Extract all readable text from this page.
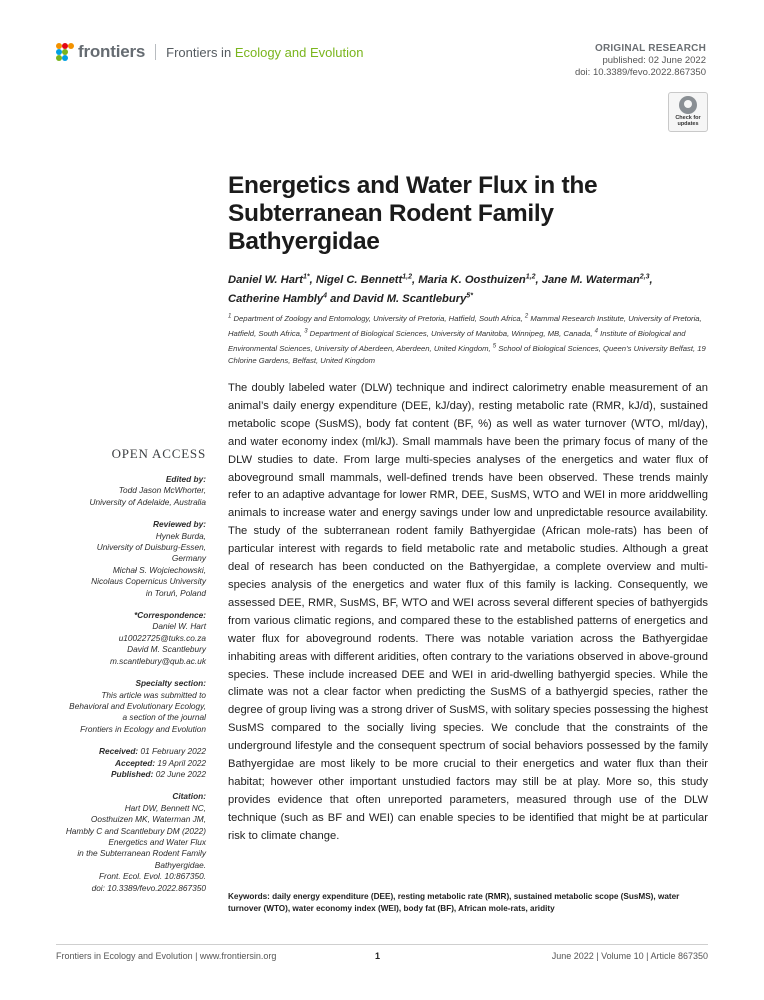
frontiers Frontiers in Ecology and Evolution	ORIGINAL RESEARCH
published: 02 June 2022
doi: 10.3389/fevo.2022.867350
Check for updates
Energetics and Water Flux in the Subterranean Rodent Family Bathyergidae

Daniel W. Hart$^{1*}$, Nigel C. Bennett$^{1,2}$, Maria K. Oosthuizen$^{1,2}$, Jane M. Waterman$^{2,3}$,
Catherine Hambly$^4$ and David M. Scantlebury$^{5*}$

$^1$ Department of Zoology and Entomology, University of Pretoria, Hatfield, South Africa, $^2$ Mammal Research Institute, University of Pretoria, Hatfield, South Africa, $^3$ Department of Biological Sciences, University of Manitoba, Winnipeg, MB, Canada, $^4$ Institute of Biological and Environmental Sciences, University of Aberdeen, Aberdeen, United Kingdom, $^5$ School of Biological Sciences, Queen’s University Belfast, 19 Chlorine Gardens, Belfast, United Kingdom

OPEN ACCESS
Edited by:
Todd Jason McWhorter,
University of Adelaide, Australia
Reviewed by:
Hynek Burda,
University of Duisburg-Essen,
Germany
Michał S. Wojciechowski,
Nicolaus Copernicus University
in Toruń, Poland
*Correspondence:
Daniel W. Hart
u10022725@tuks.co.za
David M. Scantlebury
m.scantlebury@qub.ac.uk
Specialty section:
This article was submitted to
Behavioral and Evolutionary Ecology,
a section of the journal
Frontiers in Ecology and Evolution
Received: 01 February 2022
Accepted: 19 April 2022
Published: 02 June 2022
Citation:
Hart DW, Bennett NC,
Oosthuizen MK, Waterman JM,
Hambly C and Scantlebury DM (2022)
Energetics and Water Flux
in the Subterranean Rodent Family
Bathyergidae.
Front. Ecol. Evol. 10:867350.
doi: 10.3389/fevo.2022.867350

The doubly labeled water (DLW) technique and indirect calorimetry enable measurement of an animal’s daily energy expenditure (DEE, kJ/day), resting metabolic rate (RMR, kJ/d), sustained metabolic scope (SusMS), body fat content (BF, %) as well as water turnover (WTO, ml/day), and water economy index (ml/kJ). Small mammals have been the primary focus of many of the DLW studies to date. From large multi-species analyses of the energetics and water flux of aboveground small mammals, well-defined trends have been observed. These trends mainly refer to an adaptive advantage for lower RMR, DEE, SusMS, WTO and WEI in more ariddwelling animals to increase water and energy savings under low and unpredictable resource availability. The study of the subterranean rodent family Bathyergidae (African mole-rats) has been of particular interest with regards to field metabolic rate and metabolic studies. Although a great deal of research has been conducted on the Bathyergidae, a complete overview and multi-species analysis of the energetics and water flux of this family is lacking. Consequently, we assessed DEE, RMR, SusMS, BF, WTO and WEI across several different species of bathyergids from various climatic regions, and compared these to the established patterns of energetics and water flux for aboveground rodents. There was notable variation across the Bathyergidae inhabiting areas with different aridities, often contrary to the variations observed in above-ground species. These include increased DEE and WEI in arid-dwelling bathyergid species. While the climate was not a clear factor when predicting the SusMS of a bathyergid species, rather the degree of group living was a strong driver of SusMS, with solitary species possessing the highest SusMS compared to the socially living species. We conclude that the constraints of the underground lifestyle and the consequent spectrum of social behaviors possessed by the family Bathyergidae are most likely to be more crucial to their energetics and water flux than their habitat; however other important unstudied factors may still be at play. More so, this study provides evidence that often unreported parameters, measured through use of the DLW technique (such as BF and WEI) can enable species to be identified that might be at particular risk to climate change.

Keywords: daily energy expenditure (DEE), resting metabolic rate (RMR), sustained metabolic scope (SusMS), water turnover (WTO), water economy index (WEI), body fat (BF), African mole-rats, aridity

Frontiers in Ecology and Evolution | www.frontiersin.org	1	June 2022 | Volume 10 | Article 867350
